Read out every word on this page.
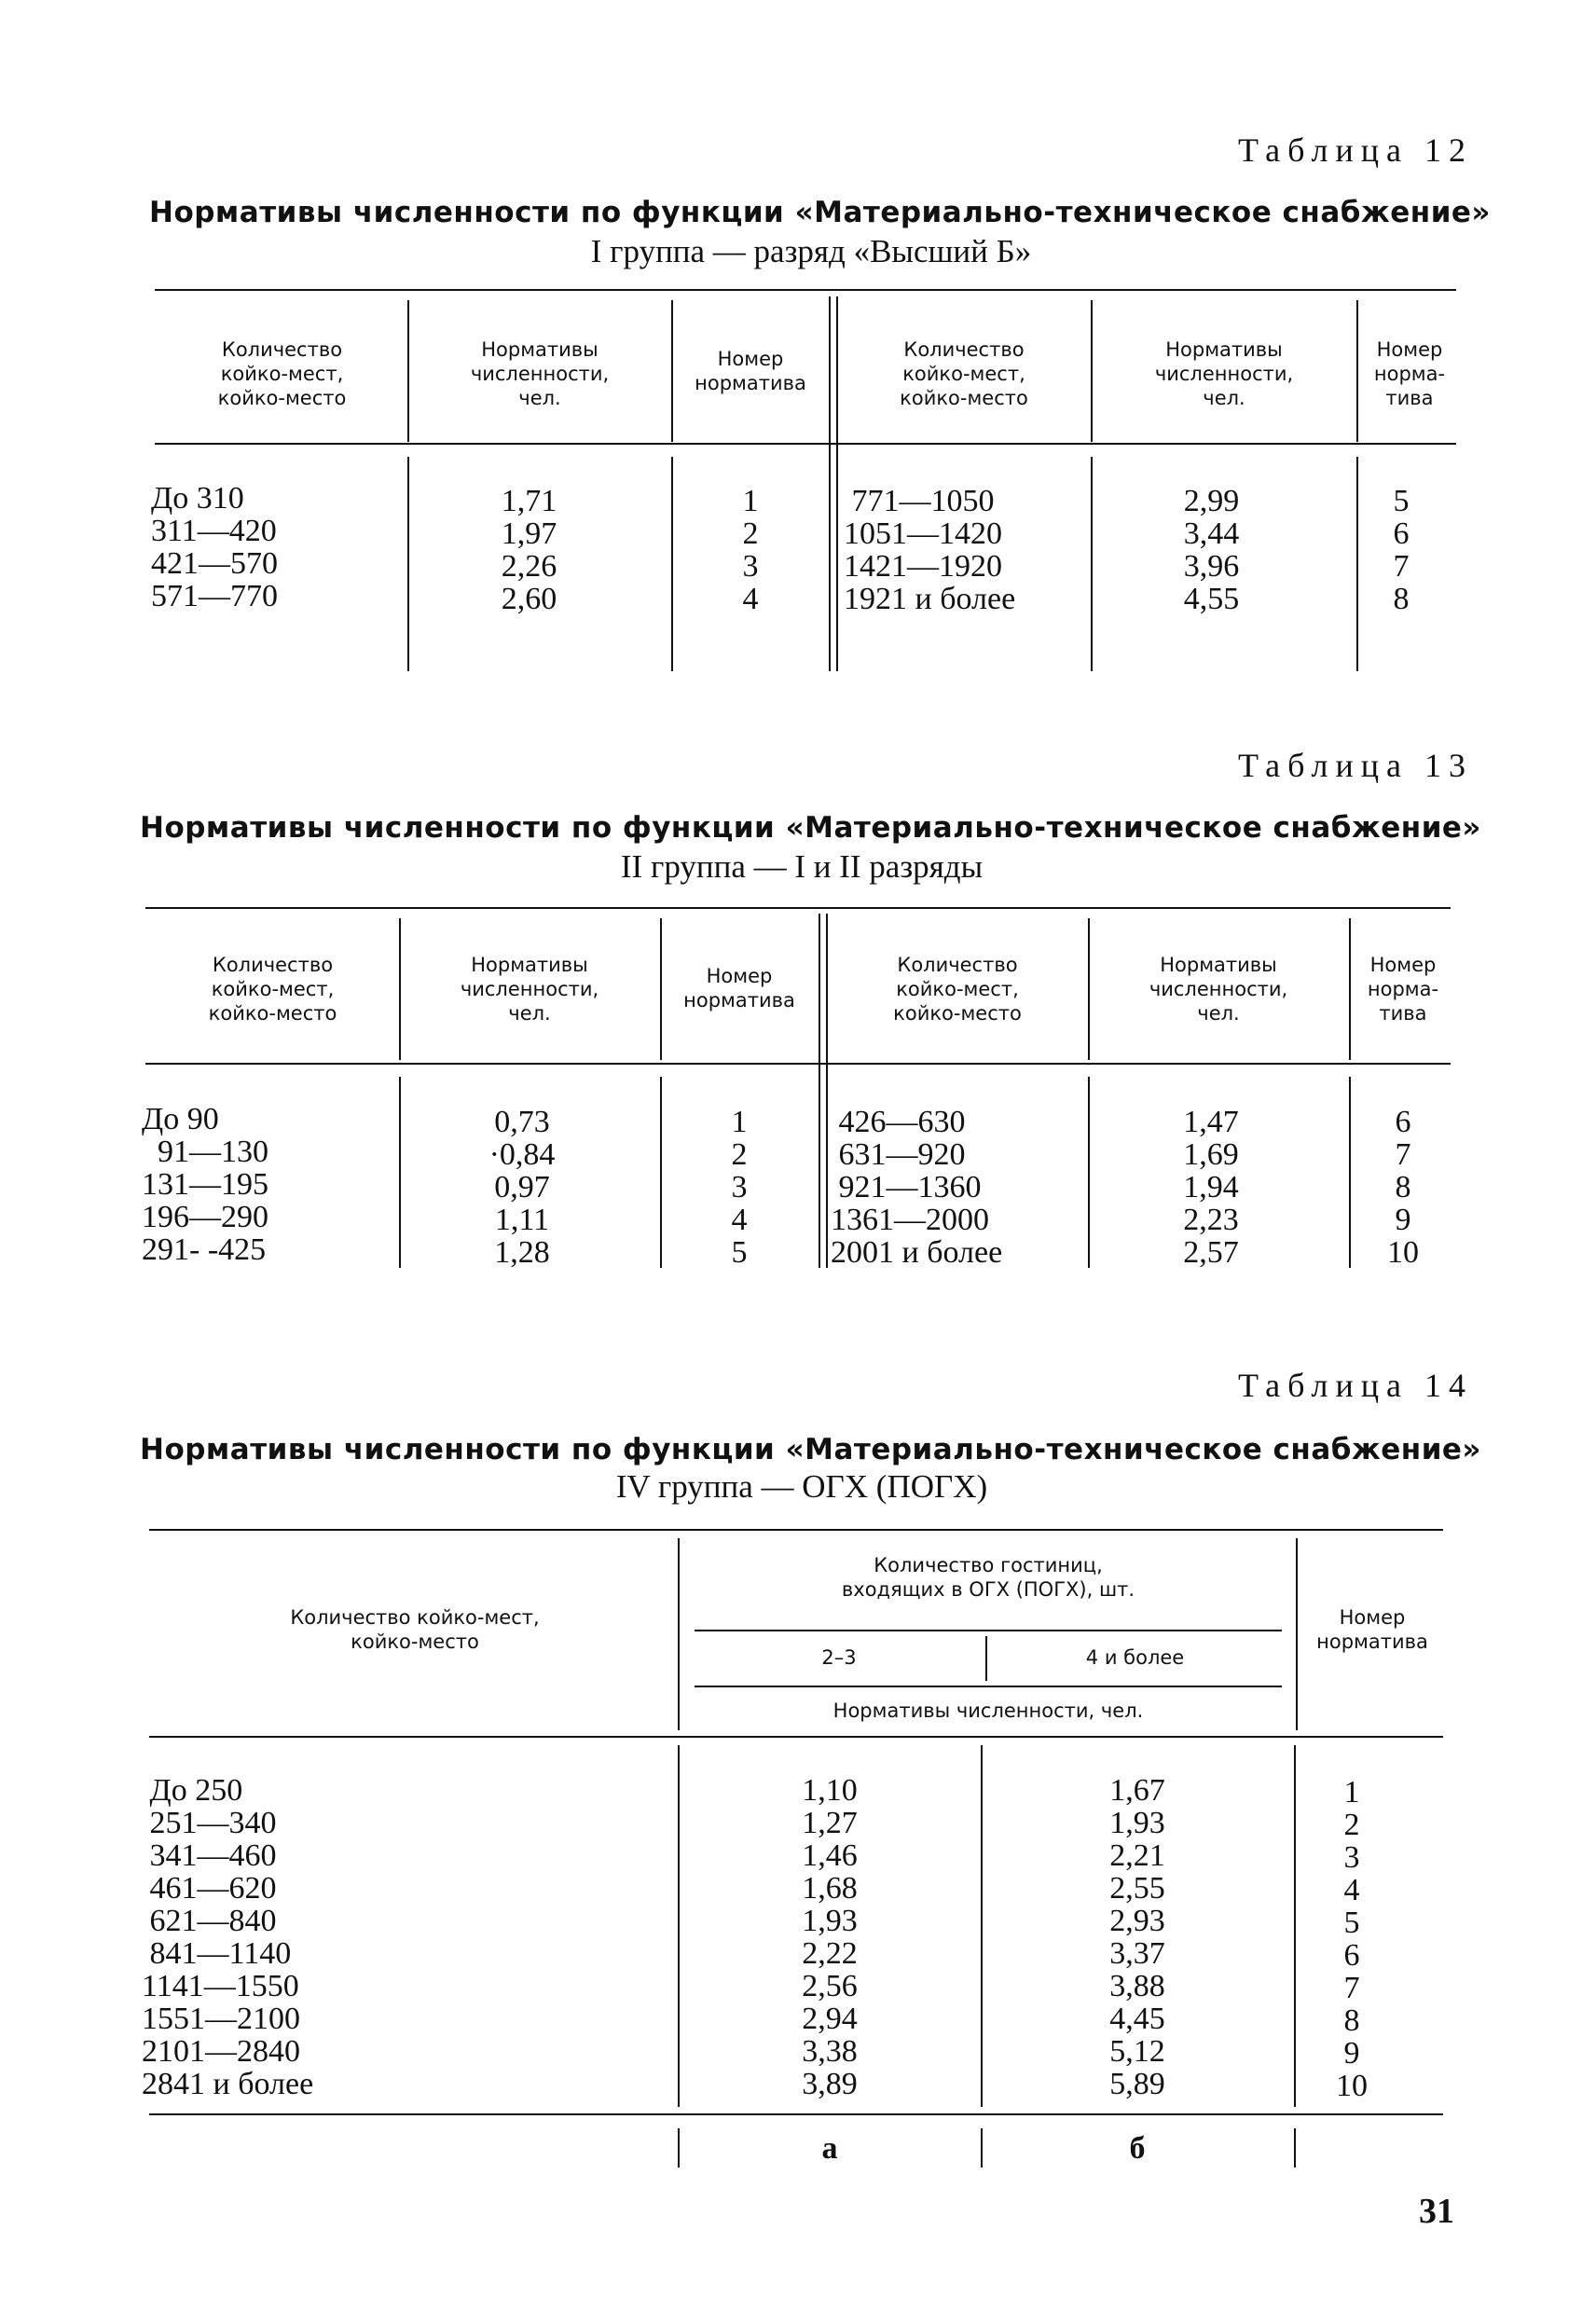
Таблица 12
Нормативы численности по функции «Материально-техническое снабжение»
I группа — разряд «Высший Б»
Количество
койко-мест,
койко-место
Нормативы
численности,
чел.
Номер
норматива
Количество
койко-мест,
койко-место
Нормативы
численности,
чел.
Номер
норма-
тива
До 310
311—420
421—570
571—770
1,71
1,97
2,26
2,60
1
2
3
4
771—1050
1051—1420
1421—1920
1921 и более
2,99
3,44
3,96
4,55
5
6
7
8
Таблица 13
Нормативы численности по функции «Материально-техническое снабжение»
II группа — I и II разряды
Количество
койко-мест,
койко-место
Нормативы
численности,
чел.
Номер
норматива
Количество
койко-мест,
койко-место
Нормативы
численности,
чел.
Номер
норма-
тива
До 90
91—130
131—195
196—290
291- -425
0,73
·0,84
0,97
1,11
1,28
1
2
3
4
5
426—630
631—920
921—1360
1361—2000
2001 и более
1,47
1,69
1,94
2,23
2,57
6
7
8
9
10
Таблица 14
Нормативы численности по функции «Материально-техническое снабжение»
IV группа — ОГХ (ПОГХ)
Количество койко-мест,
койко-место
Количество гостиниц,
входящих в ОГХ (ПОГХ), шт.
2–3	4 и более
Нормативы численности, чел.
Номер
норматива
До 250
251—340
341—460
461—620
621—840
841—1140
1141—1550
1551—2100
2101—2840
2841 и более
1,10
1,27
1,46
1,68
1,93
2,22
2,56
2,94
3,38
3,89
1,67
1,93
2,21
2,55
2,93
3,37
3,88
4,45
5,12
5,89
1
2
3
4
5
6
7
8
9
10
а	б
31
